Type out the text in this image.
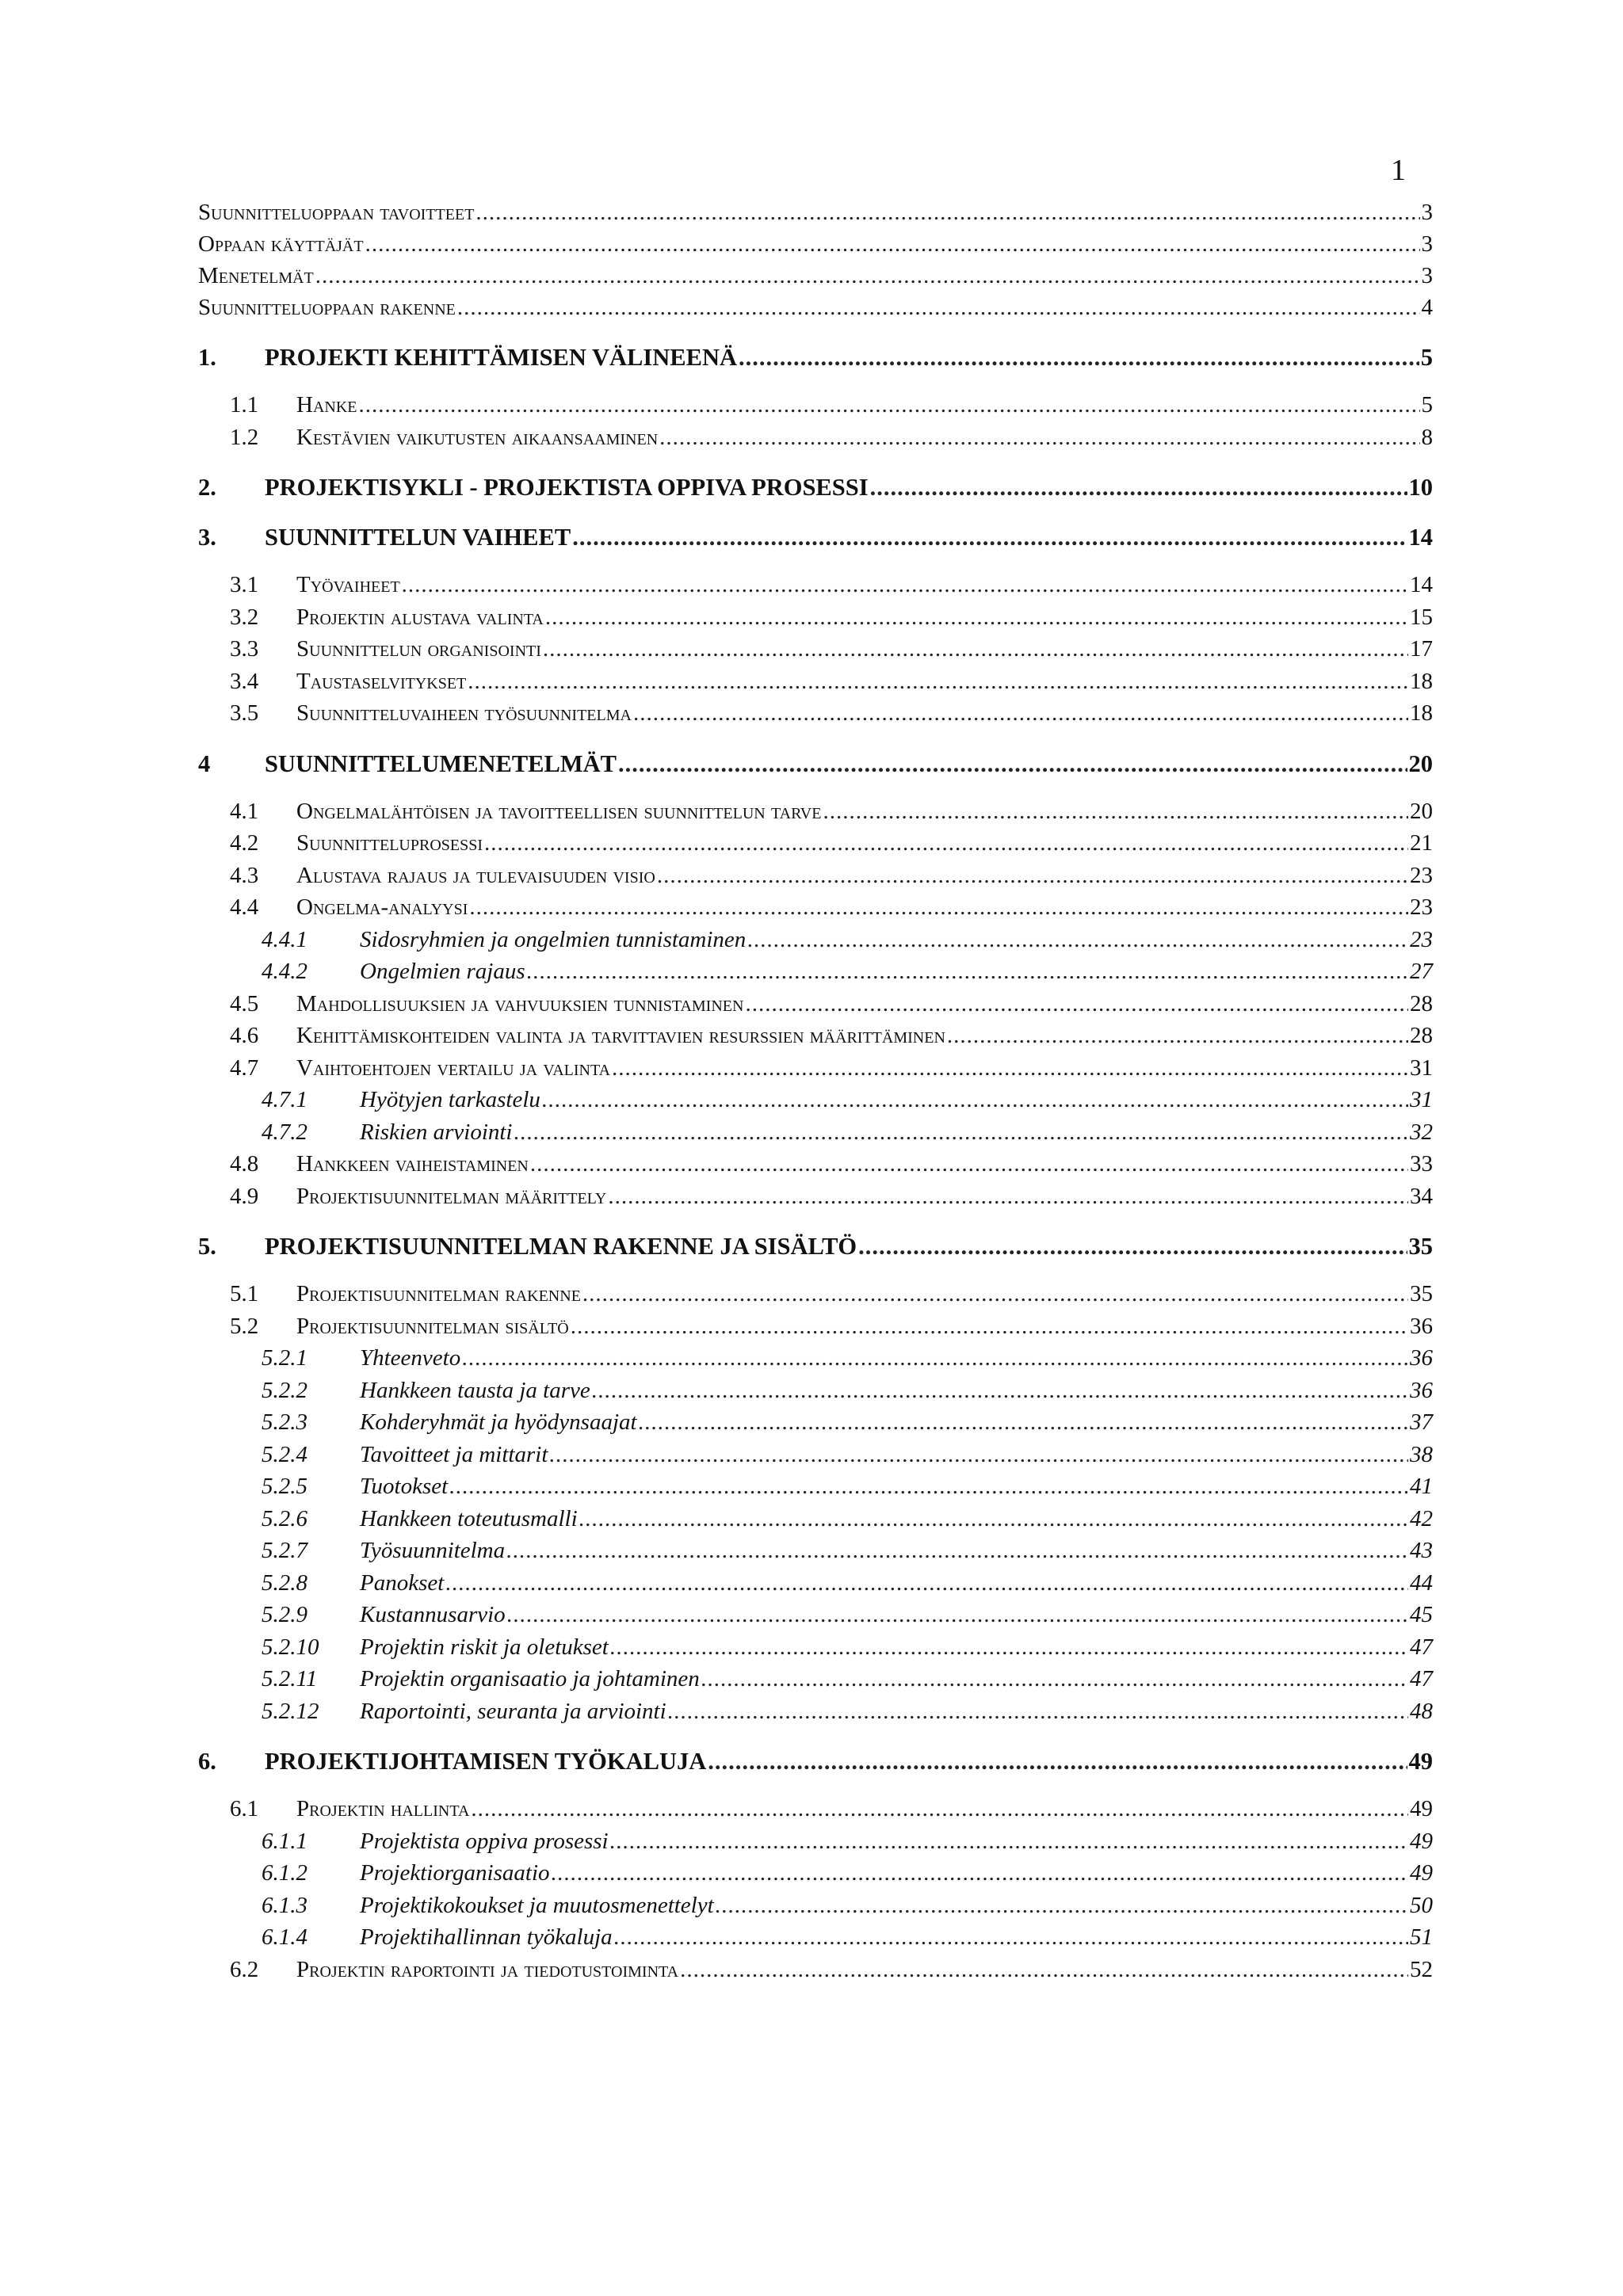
1
Suunnitteluoppaan tavoitteet .....	3
Oppaan käyttäjät .....	3
Menetelmät .....	3
Suunnitteluoppaan rakenne .....	4
1.	PROJEKTI KEHITTÄMISEN VÄLINEENÄ .....	5
1.1	Hanke .....	5
1.2	Kestävien vaikutusten aikaansaaminen .....	8
2.	PROJEKTISYKLI - PROJEKTISTA OPPIVA PROSESSI .....	10
3.	SUUNNITTELUN VAIHEET .....	14
3.1	Työvaiheet .....	14
3.2	Projektin alustava valinta .....	15
3.3	Suunnittelun organisointi .....	17
3.4	Taustaselvitykset .....	18
3.5	Suunnitteluvaiheen työsuunnitelma .....	18
4	SUUNNITTELUMENETELMÄT .....	20
4.1	Ongelmalähtöisen ja tavoitteellisen suunnittelun tarve .....	20
4.2	Suunnitteluprosessi .....	21
4.3	Alustava rajaus ja tulevaisuuden visio .....	23
4.4	Ongelma-analyysi .....	23
4.4.1	Sidosryhmien ja ongelmien tunnistaminen .....	23
4.4.2	Ongelmien rajaus .....	27
4.5	Mahdollisuuksien ja vahvuuksien tunnistaminen .....	28
4.6	Kehittämiskohteiden valinta ja tarvittavien resurssien määrittäminen .....	28
4.7	Vaihtoehtojen vertailu ja valinta .....	31
4.7.1	Hyötyjen tarkastelu .....	31
4.7.2	Riskien arviointi .....	32
4.8	Hankkeen vaiheistaminen .....	33
4.9	Projektisuunnitelman määrittely .....	34
5.	PROJEKTISUUNNITELMAN RAKENNE JA SISÄLTÖ .....	35
5.1	Projektisuunnitelman rakenne .....	35
5.2	Projektisuunnitelman sisältö .....	36
5.2.1	Yhteenveto .....	36
5.2.2	Hankkeen tausta ja tarve .....	36
5.2.3	Kohderyhmät ja hyödynsaajat .....	37
5.2.4	Tavoitteet ja mittarit .....	38
5.2.5	Tuotokset .....	41
5.2.6	Hankkeen toteutusmalli .....	42
5.2.7	Työsuunnitelma .....	43
5.2.8	Panokset .....	44
5.2.9	Kustannusarvio .....	45
5.2.10	Projektin riskit ja oletukset .....	47
5.2.11	Projektin organisaatio ja johtaminen .....	47
5.2.12	Raportointi, seuranta ja arviointi .....	48
6.	PROJEKTIJOHTAMISEN TYÖKALUJA .....	49
6.1	Projektin hallinta .....	49
6.1.1	Projektista oppiva prosessi .....	49
6.1.2	Projektiorganisaatio .....	49
6.1.3	Projektikokoukset ja muutosmenettelyt .....	50
6.1.4	Projektihallinnan työkaluja .....	51
6.2	Projektin raportointi ja tiedotustoiminta .....	52
